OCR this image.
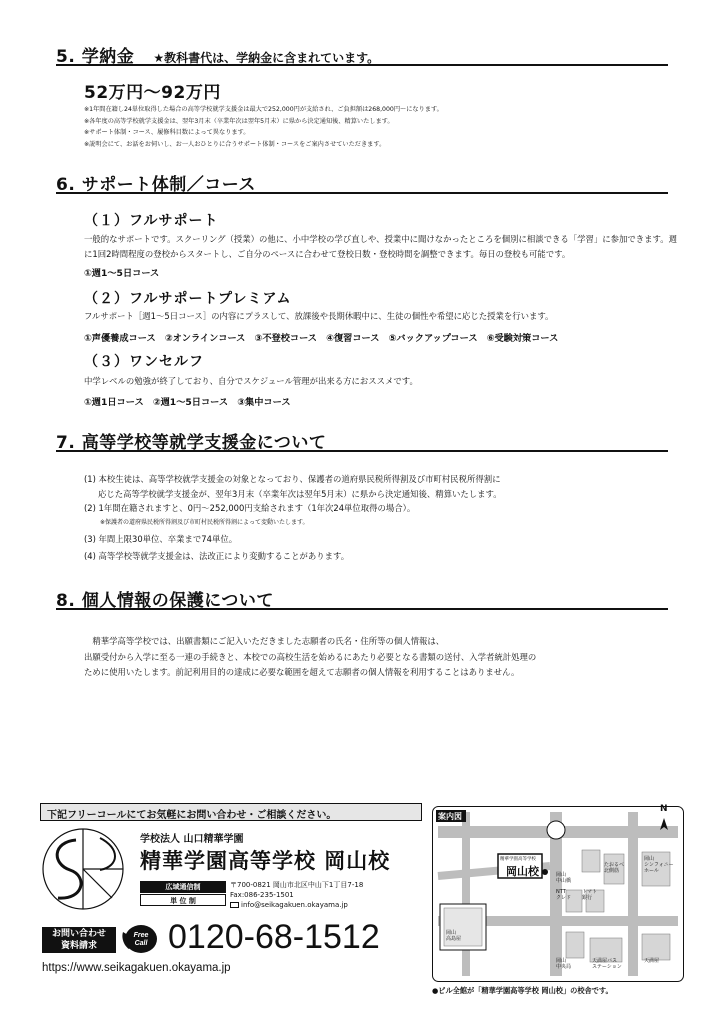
5. 学納金 ★教科書代は、学納金に含まれています。
52万円〜92万円
※1年間在籍し24単位取得した場合の高等学校就学支援金は最大で252,000円が支給され、ご負担額は268,000円〜になります。
※各年度の高等学校就学支援金は、翌年3月末（卒業年次は翌年5月末）に県から決定通知後、精算いたします。
※サポート体制・コース、履修科目数によって異なります。
※説明会にて、お話をお伺いし、お一人おひとりに合うサポート体制・コースをご案内させていただきます。
6. サポート体制／コース
（１）フルサポート
一般的なサポートです。スクーリング（授業）の他に、小中学校の学び直しや、授業中に聞けなかったところを個別に相談できる「学習」に参加できます。週に1回2時間程度の登校からスタートし、ご自分のペースに合わせて登校日数・登校時間を調整できます。毎日の登校も可能です。
①週1〜5日コース
（２）フルサポートプレミアム
フルサポート［週1〜5日コース］の内容にプラスして、放課後や長期休暇中に、生徒の個性や希望に応じた授業を行います。
①声優養成コース　②オンラインコース　③不登校コース　④復習コース　⑤バックアップコース　⑥受験対策コース
（３）ワンセルフ
中学レベルの勉強が終了しており、自分でスケジュール管理が出来る方におススメです。
①週1日コース　②週1〜5日コース　③集中コース
7. 高等学校等就学支援金について
(1) 本校生徒は、高等学校就学支援金の対象となっており、保護者の道府県民税所得割及び市町村民税所得割に
応じた高等学校就学支援金が、翌年3月末（卒業年次は翌年5月末）に県から決定通知後、精算いたします。
(2) 1年間在籍されますと、0円〜252,000円支給されます（1年次24単位取得の場合）。
※保護者の道府県民税所得割及び市町村民税所得割によって変動いたします。
(3) 年間上限30単位、卒業まで74単位。
(4) 高等学校等就学支援金は、法改正により変動することがあります。
8. 個人情報の保護について
　精華学高等学校では、出願書類にご記入いただきました志願者の氏名・住所等の個人情報は、
出願受付から入学に至る一連の手続きと、本校での高校生活を始めるにあたり必要となる書類の送付、入学者統計処理の
ために使用いたします。前記利用目的の達成に必要な範囲を超えて志願者の個人情報を利用することはありません。
下記フリーコールにてお気軽にお問い合わせ・ご相談ください。
学校法人 山口精華学園
精華学園高等学校 岡山校
広域通信制
単 位 制
〒700-0821 岡山市北区中山下1丁目7-18
Fax:086-235-1501
info@seikagakuen.okayama.jp
お問い合わせ
資料請求
Free
Call 0120-68-1512
https://www.seikagakuen.okayama.jp
案内図
N
精華学園高等学校
岡山校
NTT
クレド
トマト
銀行
岡山
シンフォニー
ホール
岡山
高島屋
岡山
中央局
天満屋バス
ステーション
天満屋
岡山
中山橋
たおるべ
北側筋
●ビル全館が「精華学園高等学校 岡山校」の校舎です。
